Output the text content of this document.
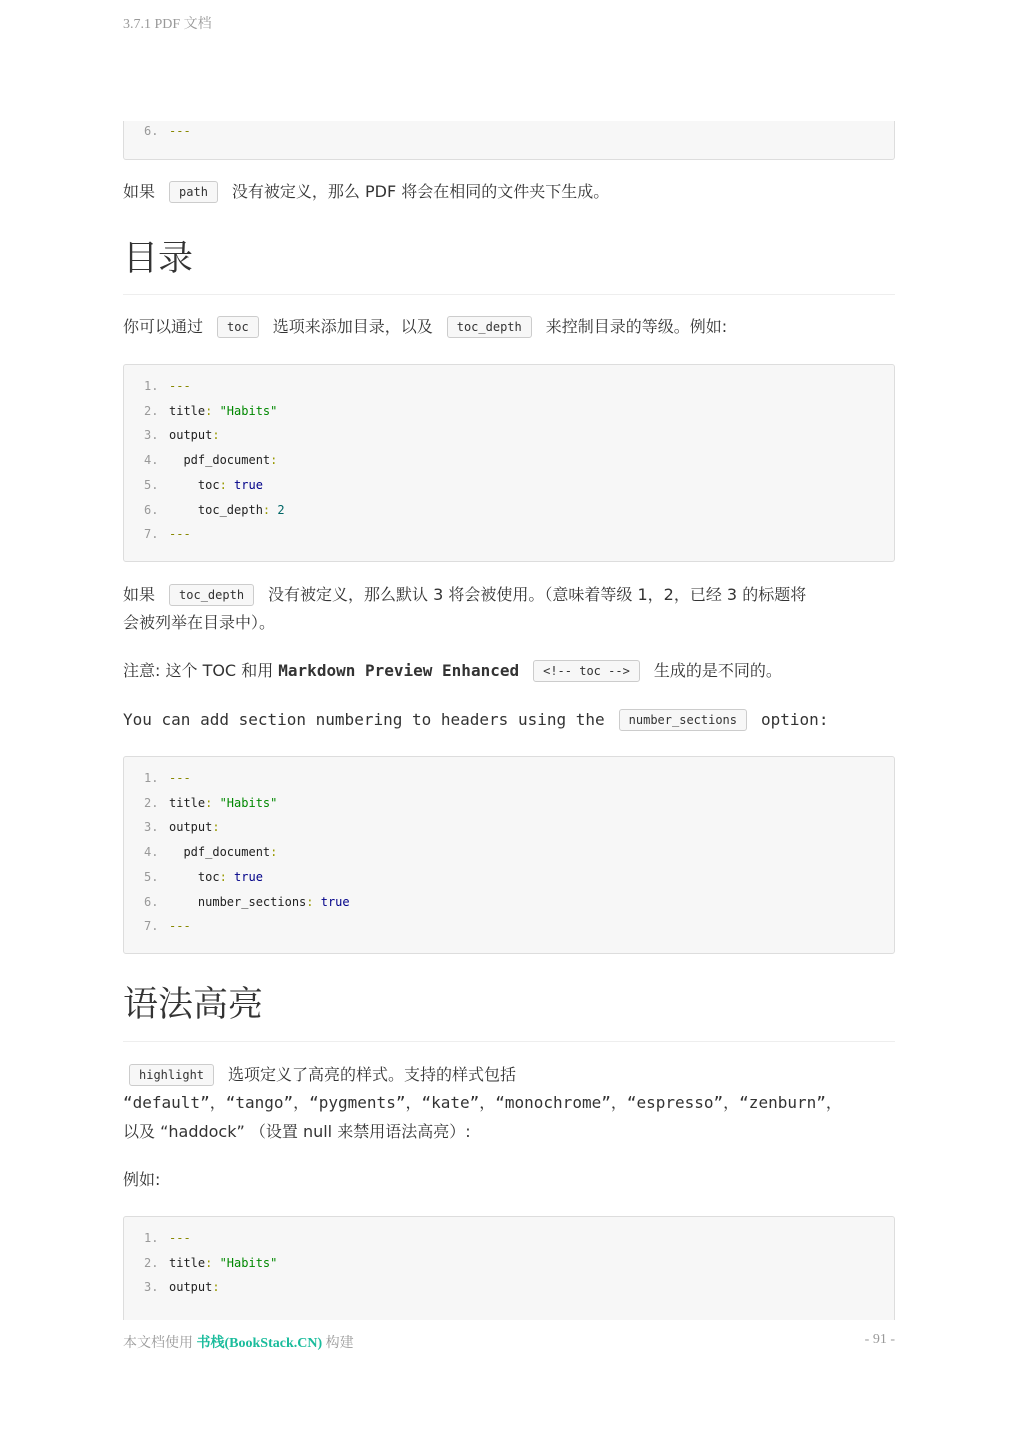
3.7.1 PDF 文档
6. ---
如果 path 没有被定义，那么 PDF 将会在相同的文件夹下生成。
目录
你可以通过 toc 选项来添加目录，以及 toc_depth 来控制目录的等级。例如:
1. ---
2. title: "Habits"
3. output:
4.  pdf_document:
5.    toc: true
6.    toc_depth: 2
7. ---
如果 toc_depth 没有被定义，那么默认 3 将会被使用。（意味着等级 1，2，已经 3 的标题将
会被列举在目录中）。
注意: 这个 TOC 和用 Markdown Preview Enhanced <!-- toc --> 生成的是不同的。
You can add section numbering to headers using the number_sections option:
1. ---
2. title: "Habits"
3. output:
4.  pdf_document:
5.    toc: true
6.    number_sections: true
7. ---
语法高亮
highlight 选项定义了高亮的样式。支持的样式包括
“default”，“tango”，“pygments”，“kate”，“monochrome”，“espresso”，“zenburn”，
以及 “haddock” （设置 null 来禁用语法高亮）:
例如:
1. ---
2. title: "Habits"
3. output:
本文档使用 书栈(BookStack.CN) 构建	- 91 -
